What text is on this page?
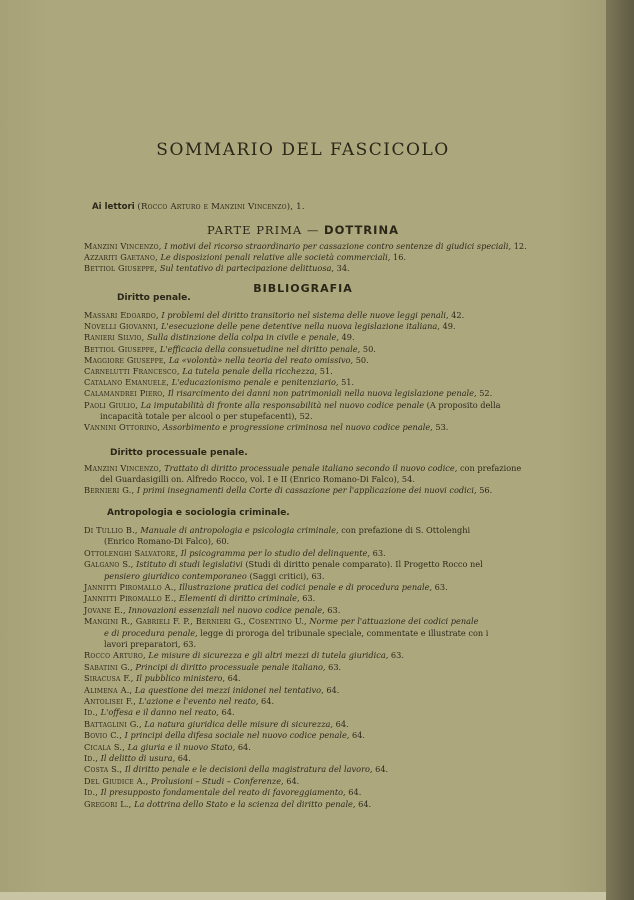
SOMMARIO DEL FASCICOLO
Ai lettori (Rocco Arturo e Manzini Vincenzo), 1.
PARTE PRIMA — DOTTRINA
Manzini Vincenzo, I motivi del ricorso straordinario per cassazione contro sentenze di giudici speciali, 12.
Azzariti Gaetano, Le disposizioni penali relative alle società commerciali, 16.
Bettiol Giuseppe, Sul tentativo di partecipazione delittuosa, 34.
BIBLIOGRAFIA
Diritto penale.
Massari Edoardo, I problemi del diritto transitorio nel sistema delle nuove leggi penali, 42.
Novelli Giovanni, L'esecuzione delle pene detentive nella nuova legislazione italiana, 49.
Ranieri Silvio, Sulla distinzione della colpa in civile e penale, 49.
Bettiol Giuseppe, L'efficacia della consuetudine nel diritto penale, 50.
Maggiore Giuseppe, La «volontà» nella teoria del reato omissivo, 50.
Carnelutti Francesco, La tutela penale della ricchezza, 51.
Catalano Emanuele, L'educazionismo penale e penitenziario, 51.
Calamandrei Piero, Il risarcimento dei danni non patrimoniali nella nuova legislazione penale, 52.
Paoli Giulio, La imputabilità di fronte alla responsabilità nel nuovo codice penale (A proposito della
incapacità totale per alcool o per stupefacenti), 52.
Vannini Ottorino, Assorbimento e progressione criminosa nel nuovo codice penale, 53.
Diritto processuale penale.
Manzini Vincenzo, Trattato di diritto processuale penale italiano secondo il nuovo codice, con prefazione
del Guardasigilli on. Alfredo Rocco, vol. I e II (Enrico Romano-Di Falco), 54.
Bernieri G., I primi insegnamenti della Corte di cassazione per l'applicazione dei nuovi codici, 56.
Antropologia e sociologia criminale.
Di Tullio B., Manuale di antropologia e psicologia criminale, con prefazione di S. Ottolenghi
(Enrico Romano-Di Falco), 60.
Ottolenghi Salvatore, Il psicogramma per lo studio del delinquente, 63.
Galgano S., Istituto di studi legislativi (Studi di diritto penale comparato). Il Progetto Rocco nel
pensiero giuridico contemporaneo (Saggi critici), 63.
Jannitti Piromallo A., Illustrazione pratica dei codici penale e di procedura penale, 63.
Jannitti Piromallo E., Elementi di diritto criminale, 63.
Jovane E., Innovazioni essenziali nel nuovo codice penale, 63.
Mangini R., Gabrieli F. P., Bernieri G., Cosentino U., Norme per l'attuazione dei codici penale
e di procedura penale, legge di proroga del tribunale speciale, commentate e illustrate con i
lavori preparatori, 63.
Rocco Arturo, Le misure di sicurezza e gli altri mezzi di tutela giuridica, 63.
Sabatini G., Principi di diritto processuale penale italiano, 63.
Siracusa F., Il pubblico ministero, 64.
Alimena A., La questione dei mezzi inidonei nel tentativo, 64.
Antolisei F., L'azione e l'evento nel reato, 64.
Id., L'offesa e il danno nel reato, 64.
Battaglini G., La natura giuridica delle misure di sicurezza, 64.
Bovio C., I principi della difesa sociale nel nuovo codice penale, 64.
Cicala S., La giuria e il nuovo Stato, 64.
Id., Il delitto di usura, 64.
Costa S., Il diritto penale e le decisioni della magistratura del lavoro, 64.
Del Giudice A., Prolusioni – Studi – Conferenze, 64.
Id., Il presupposto fondamentale del reato di favoreggiamento, 64.
Gregori L., La dottrina dello Stato e la scienza del diritto penale, 64.
